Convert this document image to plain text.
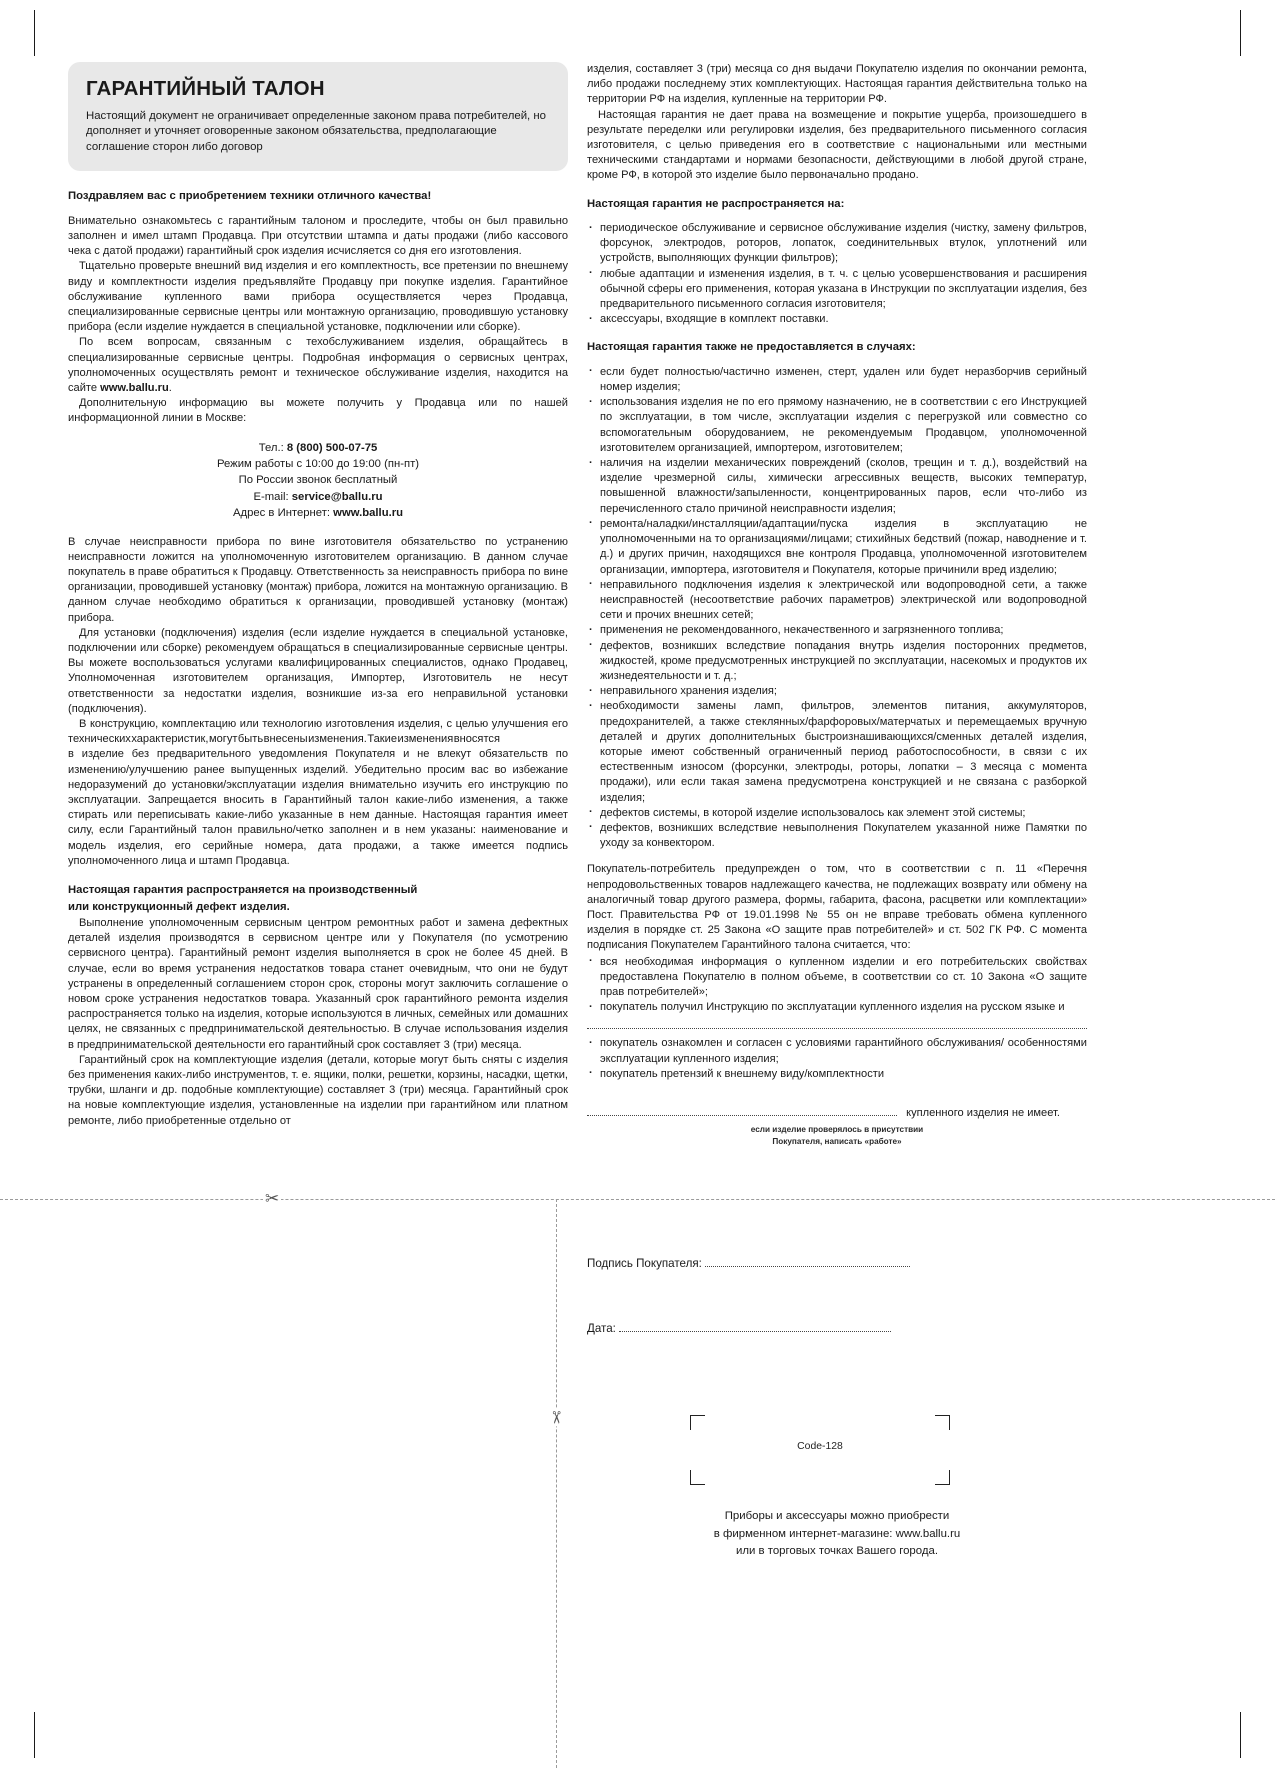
✂
✂
ГАРАНТИЙНЫЙ ТАЛОН
Настоящий документ не ограничивает определенные законом права потребителей, но дополняет и уточняет оговоренные законом обязательства, предполагающие соглашение сторон либо договор
Поздравляем вас с приобретением техники отличного качества!

Внимательно ознакомьтесь с гарантийным талоном и проследите, чтобы он был правильно заполнен и имел штамп Продавца. При отсутствии штампа и даты продажи (либо кассового чека с датой продажи) гарантийный срок изделия исчисляется со дня его изготовления.

Тщательно проверьте внешний вид изделия и его комплектность, все претензии по внешнему виду и комплектности изделия предъявляйте Продавцу при покупке изделия. Гарантийное обслуживание купленного вами прибора осуществляется через Продавца, специализированные сервисные центры или монтажную организацию, проводившую установку прибора (если изделие нуждается в специальной установке, подключении или сборке).

По всем вопросам, связанным с техобслуживанием изделия, обращайтесь в специализированные сервисные центры. Подробная информация о сервисных центрах, уполномоченных осуществлять ремонт и техническое обслуживание изделия, находится на сайте www.ballu.ru.

Дополнительную информацию вы можете получить у Продавца или по нашей информационной линии в Москве:

Тел.: 8 (800) 500-07-75
Режим работы с 10:00 до 19:00 (пн-пт)
По России звонок бесплатный
E-mail: service@ballu.ru
Адрес в Интернет: www.ballu.ru

В случае неисправности прибора по вине изготовителя обязательство по устранению неисправности ложится на уполномоченную изготовителем организацию. В данном случае покупатель в праве обратиться к Продавцу. Ответственность за неисправность прибора по вине организации, проводившей установку (монтаж) прибора, ложится на монтажную организацию. В данном случае необходимо обратиться к организации, проводившей установку (монтаж) прибора.

Для установки (подключения) изделия (если изделие нуждается в специальной установке, подключении или сборке) рекомендуем обращаться в специализированные сервисные центры. Вы можете воспользоваться услугами квалифицированных специалистов, однако Продавец, Уполномоченная изготовителем организация, Импортер, Изготовитель не несут ответственности за недостатки изделия, возникшие из-за его неправильной установки (подключения).

В конструкцию, комплектацию или технологию изготовления изделия, с целью улучшения его технических характеристик, могут быть внесены изменения. Такие изменения вносятся

в изделие без предварительного уведомления Покупателя и не влекут обязательств по изменению/улучшению ранее выпущенных изделий. Убедительно просим вас во избежание недоразумений до установки/эксплуатации изделия внимательно изучить его инструкцию по эксплуатации. Запрещается вносить в Гарантийный талон какие-либо изменения, а также стирать или переписывать какие-либо указанные в нем данные. Настоящая гарантия имеет силу, если Гарантийный талон правильно/четко заполнен и в нем указаны: наименование и модель изделия, его серийные номера, дата продажи, а также имеется подпись уполномоченного лица и штамп Продавца.

Настоящая гарантия распространяется на производственный
или конструкционный дефект изделия.

Выполнение уполномоченным сервисным центром ремонтных работ и замена дефектных деталей изделия производятся в сервисном центре или у Покупателя (по усмотрению сервисного центра). Гарантийный ремонт изделия выполняется в срок не более 45 дней. В случае, если во время устранения недостатков товара станет очевидным, что они не будут устранены в определенный соглашением сторон срок, стороны могут заключить соглашение о новом сроке устранения недостатков товара. Указанный срок гарантийного ремонта изделия распространяется только на изделия, которые используются в личных, семейных или домашних целях, не связанных с предпринимательской деятельностью. В случае использования изделия в предпринимательской деятельности его гарантийный срок составляет 3 (три) месяца.

Гарантийный срок на комплектующие изделия (детали, которые могут быть сняты с изделия без применения каких-либо инструментов, т. е. ящики, полки, решетки, корзины, насадки, щетки, трубки, шланги и др. подобные комплектующие) составляет 3 (три) месяца. Гарантийный срок на новые комплектующие изделия, установленные на изделии при гарантийном или платном ремонте, либо приобретенные отдельно от

изделия, составляет 3 (три) месяца со дня выдачи Покупателю изделия по окончании ремонта, либо продажи последнему этих комплектующих. Настоящая гарантия действительна только на территории РФ на изделия, купленные на территории РФ.

Настоящая гарантия не дает права на возмещение и покрытие ущерба, произошедшего в результате переделки или регулировки изделия, без предварительного письменного согласия изготовителя, с целью приведения его в соответствие с национальными или местными техническими стандартами и нормами безопасности, действующими в любой другой стране, кроме РФ, в которой это изделие было первоначально продано.

Настоящая гарантия не распространяется на:
· периодическое обслуживание и сервисное обслуживание изделия (чистку, замену фильтров, форсунок, электродов, роторов, лопаток, соединительнвых втулок, уплотнений или устройств, выполняющих функции фильтров);
· любые адаптации и изменения изделия, в т. ч. с целью усовершенствования и расширения обычной сферы его применения, которая указана в Инструкции по эксплуатации изделия, без предварительного письменного согласия изготовителя;
· аксессуары, входящие в комплект поставки.
Настоящая гарантия также не предоставляется в случаях:
· если будет полностью/частично изменен, стерт, удален или будет неразборчив серийный номер изделия;
· использования изделия не по его прямому назначению, не в соответствии с его Инструкцией по эксплуатации, в том числе, эксплуатации изделия с перегрузкой или совместно со вспомогательным оборудованием, не рекомендуемым Продавцом, уполномоченной изготовителем организацией, импортером, изготовителем;
· наличия на изделии механических повреждений (сколов, трещин и т. д.), воздействий на изделие чрезмерной силы, химически агрессивных веществ, высоких температур, повышенной влажности/запыленности, концентрированных паров, если что-либо из перечисленного стало причиной неисправности изделия;
· ремонта/наладки/инсталляции/адаптации/пуска изделия в эксплуатацию не уполномоченными на то организациями/лицами; стихийных бедствий (пожар, наводнение и т. д.) и других причин, находящихся вне контроля Продавца, уполномоченной изготовителем организации, импортера, изготовителя и Покупателя, которые причинили вред изделию;
· неправильного подключения изделия к электрической или водопроводной сети, а также неисправностей (несоответствие рабочих параметров) электрической или водопроводной сети и прочих внешних сетей;
· применения не рекомендованного, некачественного и загрязненного топлива;
· дефектов, возникших вследствие попадания внутрь изделия посторонних предметов, жидкостей, кроме предусмотренных инструкцией по эксплуатации, насекомых и продуктов их жизнедеятельности и т. д.;
· неправильного хранения изделия;
· необходимости замены ламп, фильтров, элементов питания, аккумуляторов, предохранителей, а также стеклянных/фарфоровых/матерчатых и перемещаемых вручную деталей и других дополнительных быстроизнашивающихся/сменных деталей изделия, которые имеют собственный ограниченный период работоспособности, в связи с их естественным износом (форсунки, электроды, роторы, лопатки – 3 месяца с момента продажи), или если такая замена предусмотрена конструкцией и не связана с разборкой изделия;
· дефектов системы, в которой изделие использовалось как элемент этой системы;
· дефектов, возникших вследствие невыполнения Покупателем указанной ниже Памятки по уходу за конвектором.

Покупатель-потребитель предупрежден о том, что в соответствии с п. 11 «Перечня непродовольственных товаров надлежащего качества, не подлежащих возврату или обмену на аналогичный товар другого размера, формы, габарита, фасона, расцветки или комплектации» Пост. Правительства РФ от 19.01.1998 № 55 он не вправе требовать обмена купленного изделия в порядке ст. 25 Закона «О защите прав потребителей» и ст. 502 ГК РФ. С момента подписания Покупателем Гарантийного талона считается, что:

· вся необходимая информация о купленном изделии и его потребительских свойствах предоставлена Покупателю в полном объеме, в соответствии со ст. 10 Закона «О защите прав потребителей»;
· покупатель получил Инструкцию по эксплуатации купленного изделия на русском языке и
· покупатель ознакомлен и согласен с условиями гарантийного обслуживания/ особенностями эксплуатации купленного изделия;
· покупатель претензий к внешнему виду/комплектности

купленного изделия не имеет.

если изделие проверялось в присутствии
Покупателя, написать «работе»
Подпись Покупателя:
Дата:
Code-128
Приборы и аксессуары можно приобрести
в фирменном интернет-магазине: www.ballu.ru
или в торговых точках Вашего города.
